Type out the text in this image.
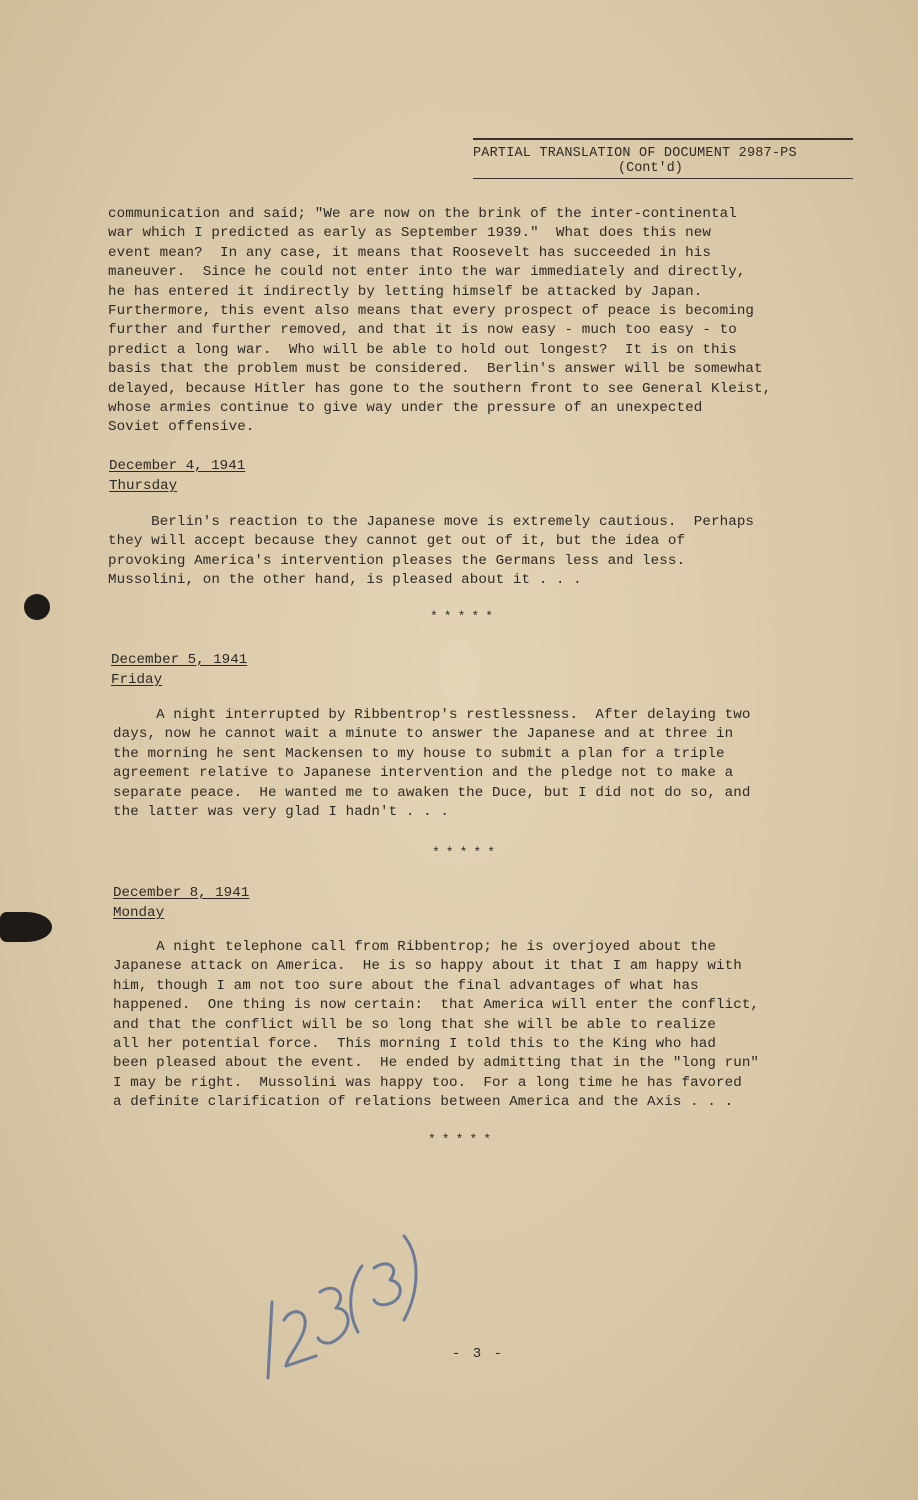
PARTIAL TRANSLATION OF DOCUMENT 2987-PS
(Cont'd)

communication and said; "We are now on the brink of the inter-continental
war which I predicted as early as September 1939."  What does this new
event mean?  In any case, it means that Roosevelt has succeeded in his
maneuver.  Since he could not enter into the war immediately and directly,
he has entered it indirectly by letting himself be attacked by Japan.
Furthermore, this event also means that every prospect of peace is becoming
further and further removed, and that it is now easy - much too easy - to
predict a long war.  Who will be able to hold out longest?  It is on this
basis that the problem must be considered.  Berlin's answer will be somewhat
delayed, because Hitler has gone to the southern front to see General Kleist,
whose armies continue to give way under the pressure of an unexpected
Soviet offensive.

December 4, 1941
Thursday

Berlin's reaction to the Japanese move is extremely cautious.  Perhaps
they will accept because they cannot get out of it, but the idea of
provoking America's intervention pleases the Germans less and less.
Mussolini, on the other hand, is pleased about it . . .

*****
December 5, 1941
Friday

A night interrupted by Ribbentrop's restlessness.  After delaying two
days, now he cannot wait a minute to answer the Japanese and at three in
the morning he sent Mackensen to my house to submit a plan for a triple
agreement relative to Japanese intervention and the pledge not to make a
separate peace.  He wanted me to awaken the Duce, but I did not do so, and
the latter was very glad I hadn't . . .

*****
December 8, 1941
Monday

A night telephone call from Ribbentrop; he is overjoyed about the
Japanese attack on America.  He is so happy about it that I am happy with
him, though I am not too sure about the final advantages of what has
happened.  One thing is now certain:  that America will enter the conflict,
and that the conflict will be so long that she will be able to realize
all her potential force.  This morning I told this to the King who had
been pleased about the event.  He ended by admitting that in the "long run"
I may be right.  Mussolini was happy too.  For a long time he has favored
a definite clarification of relations between America and the Axis . . .

*****
- 3 -
